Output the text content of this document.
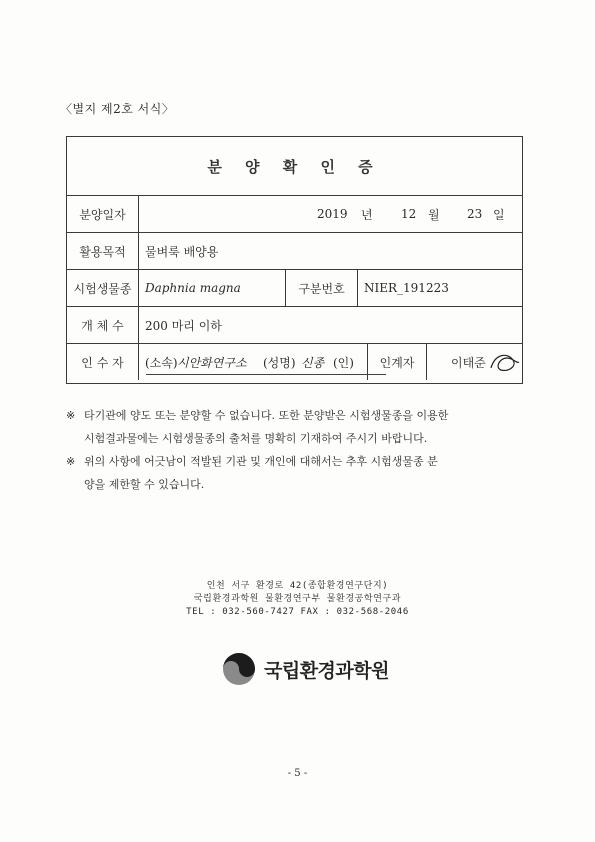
〈별지 제2호 서식〉
분 양 확 인 증
분양일자	2019 년 12 월 23 일
활용목적	물벼룩 배양용
시험생물종	Daphnia magna	구분번호	NIER_191223
개 체 수	200 마리 이하
인 수 자	(소속) 시안화연구소 (성명) 신종 (인)	인계자	이태준
※ 타기관에 양도 또는 분양할 수 없습니다. 또한 분양받은 시험생물종을 이용한
시험결과물에는 시험생물종의 출처를 명확히 기재하여 주시기 바랍니다.
※ 위의 사항에 어긋남이 적발된 기관 및 개인에 대해서는 추후 시험생물종 분
양을 제한할 수 있습니다.
인천 서구 환경로 42(종합환경연구단지)
국립환경과학원 물환경연구부 물환경공학연구과
TEL : 032-560-7427 FAX : 032-568-2046
국립환경과학원
- 5 -
